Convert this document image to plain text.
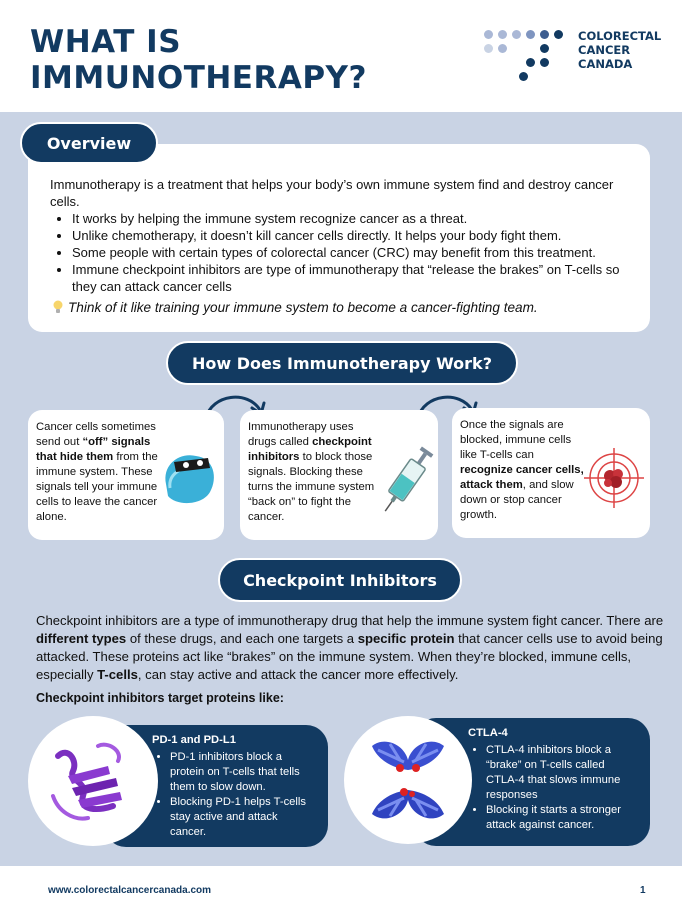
WHAT IS
IMMUNOTHERAPY?
COLORECTAL
CANCER
CANADA

Immunotherapy is a treatment that helps your body’s own immune system find and destroy cancer cells.

• It works by helping the immune system recognize cancer as a threat.
• Unlike chemotherapy, it doesn’t kill cancer cells directly. It helps your body fight them.
• Some people with certain types of colorectal cancer (CRC) may benefit from this treatment.
• Immune checkpoint inhibitors are type of immunotherapy that “release the brakes” on T-cells so they can attack cancer cells
Think of it like training your immune system to become a cancer-fighting team.
Overview
How Does Immunotherapy Work?
Cancer cells sometimes send out “off” signals that hide them from the immune system. These signals tell your immune cells to leave the cancer alone.
Immunotherapy uses drugs called checkpoint inhibitors to block those signals. Blocking these turns the immune system “back on” to fight the cancer.
Once the signals are blocked, immune cells like T-cells can recognize cancer cells, attack them, and slow down or stop cancer growth.
Checkpoint Inhibitors

Checkpoint inhibitors are a type of immunotherapy drug that help the immune system fight cancer. There are different types of these drugs, and each one targets a specific protein that cancer cells use to avoid being attacked. These proteins act like “brakes” on the immune system. When they’re blocked, immune cells, especially T-cells, can stay active and attack the cancer more effectively.

Checkpoint inhibitors target proteins like:

PD-1 and PD-L1
• PD-1 inhibitors block a protein on T-cells that tells them to slow down.
• Blocking PD-1 helps T-cells stay active and attack cancer.
CTLA-4
• CTLA-4 inhibitors block a “brake” on T-cells called CTLA-4 that slows immune responses
• Blocking it starts a stronger attack against cancer.
www.colorectalcancercanada.com	1
